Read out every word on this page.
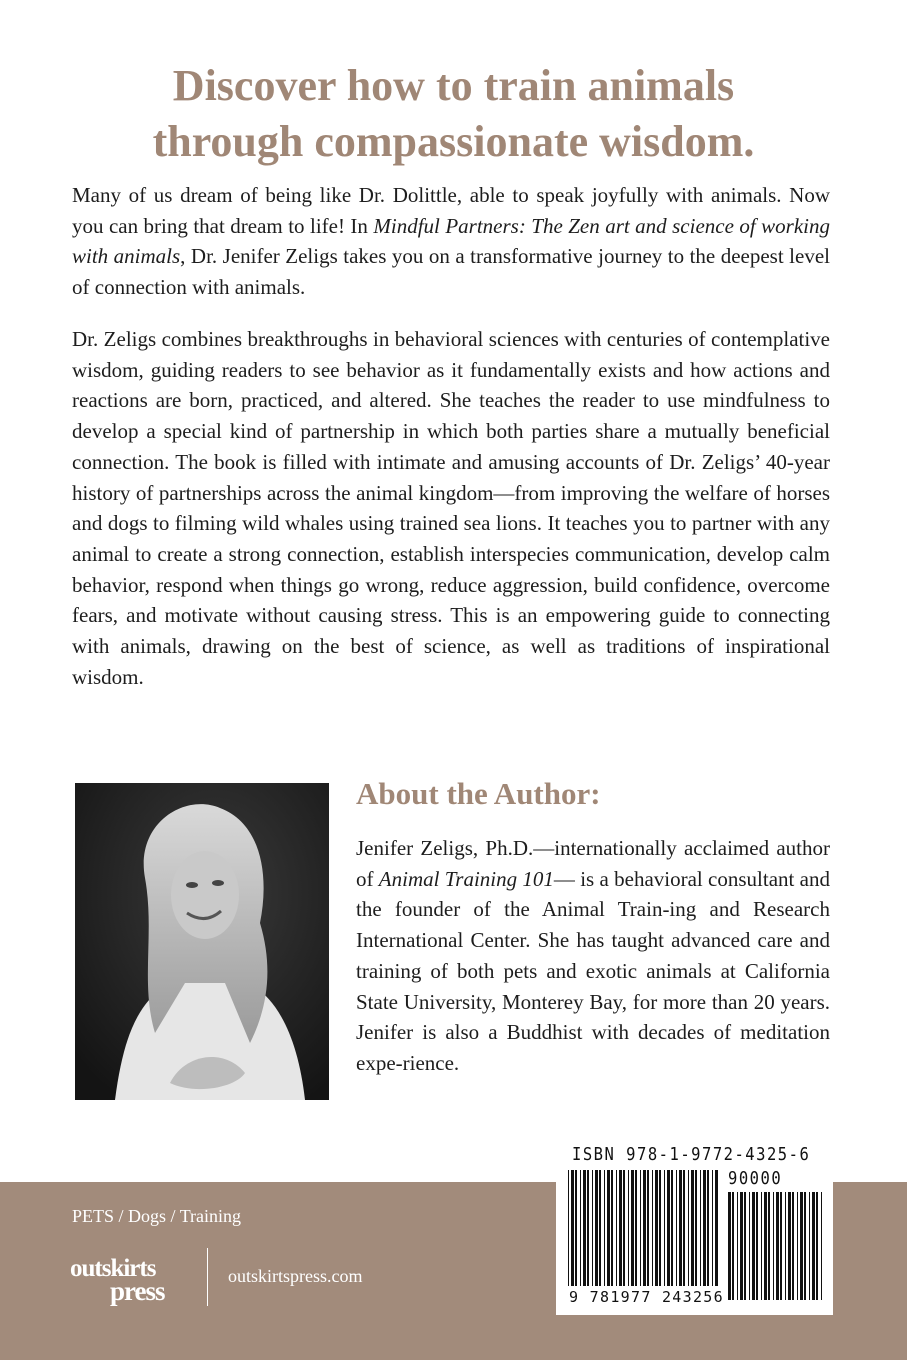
Discover how to train animals
through compassionate wisdom.

Many of us dream of being like Dr. Dolittle, able to speak joyfully with animals. Now you can bring that dream to life! In Mindful Partners: The Zen art and science of working with animals, Dr. Jenifer Zeligs takes you on a transformative journey to the deepest level of connection with animals.

Dr. Zeligs combines breakthroughs in behavioral sciences with centuries of contemplative wisdom, guiding readers to see behavior as it fundamentally exists and how actions and reactions are born, practiced, and altered. She teaches the reader to use mindfulness to develop a special kind of partnership in which both parties share a mutually beneficial connection. The book is filled with intimate and amusing accounts of Dr. Zeligs’ 40-year history of partnerships across the animal kingdom—from improving the welfare of horses and dogs to filming wild whales using trained sea lions. It teaches you to partner with any animal to create a strong connection, establish interspecies communication, develop calm behavior, respond when things go wrong, reduce aggression, build confidence, overcome fears, and motivate without causing stress. This is an empowering guide to connecting with animals, drawing on the best of science, as well as traditions of inspirational wisdom.

About the Author:

Jenifer Zeligs, Ph.D.—internationally acclaimed author of Animal Training 101— is a behavioral consultant and the founder of the Animal Train-ing and Research International Center. She has taught advanced care and training of both pets and exotic animals at California State University, Monterey Bay, for more than 20 years. Jenifer is also a Buddhist with decades of meditation expe-rience.

PETS / Dogs / Training
outskirts
press	outskirtspress.com
ISBN 978-1-9772-4325-6
90000
9 781977 243256
